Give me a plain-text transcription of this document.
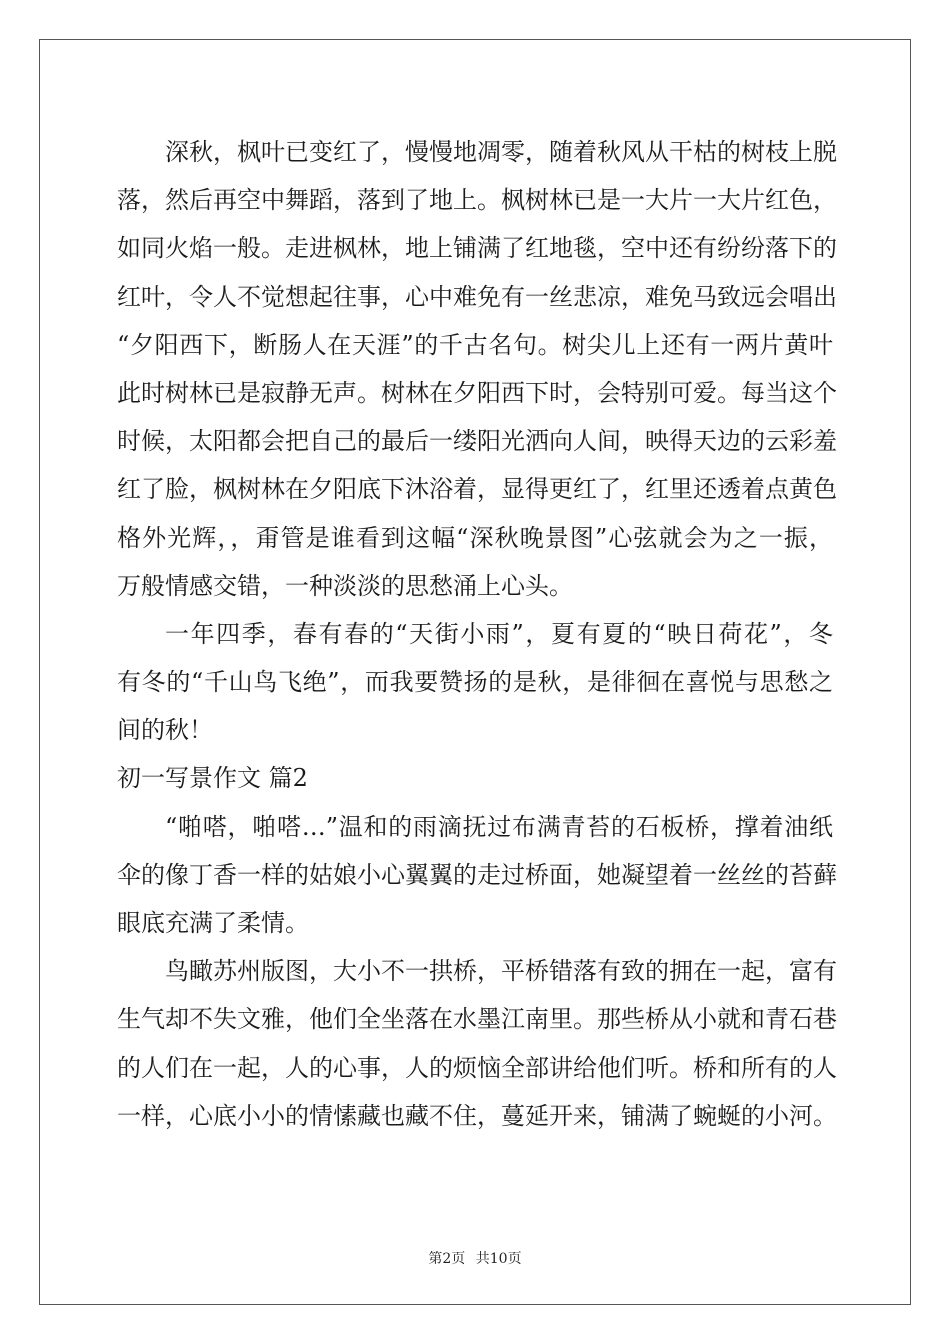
深秋，枫叶已变红了，慢慢地凋零，随着秋风从干枯的树枝上脱
落，然后再空中舞蹈，落到了地上。枫树林已是一大片一大片红色，
如同火焰一般。走进枫林，地上铺满了红地毯，空中还有纷纷落下的
红叶，令人不觉想起往事，心中难免有一丝悲凉，难免马致远会唱出
“夕阳西下，断肠人在天涯”的千古名句。树尖儿上还有一两片黄叶
此时树林已是寂静无声。树林在夕阳西下时，会特别可爱。每当这个
时候，太阳都会把自己的最后一缕阳光洒向人间，映得天边的云彩羞
红了脸，枫树林在夕阳底下沐浴着，显得更红了，红里还透着点黄色
格外光辉，，甭管是谁看到这幅“深秋晚景图”心弦就会为之一振，
万般情感交错，一种淡淡的思愁涌上心头。
一年四季，春有春的“天街小雨”，夏有夏的“映日荷花”，冬
有冬的“千山鸟飞绝”，而我要赞扬的是秋，是徘徊在喜悦与思愁之
间的秋！
初一写景作文 篇2
“啪嗒，啪嗒…”温和的雨滴抚过布满青苔的石板桥，撑着油纸
伞的像丁香一样的姑娘小心翼翼的走过桥面，她凝望着一丝丝的苔藓
眼底充满了柔情。
鸟瞰苏州版图，大小不一拱桥，平桥错落有致的拥在一起，富有
生气却不失文雅，他们全坐落在水墨江南里。那些桥从小就和青石巷
的人们在一起，人的心事，人的烦恼全部讲给他们听。桥和所有的人
一样，心底小小的情愫藏也藏不住，蔓延开来，铺满了蜿蜒的小河。
第2页 共10页
